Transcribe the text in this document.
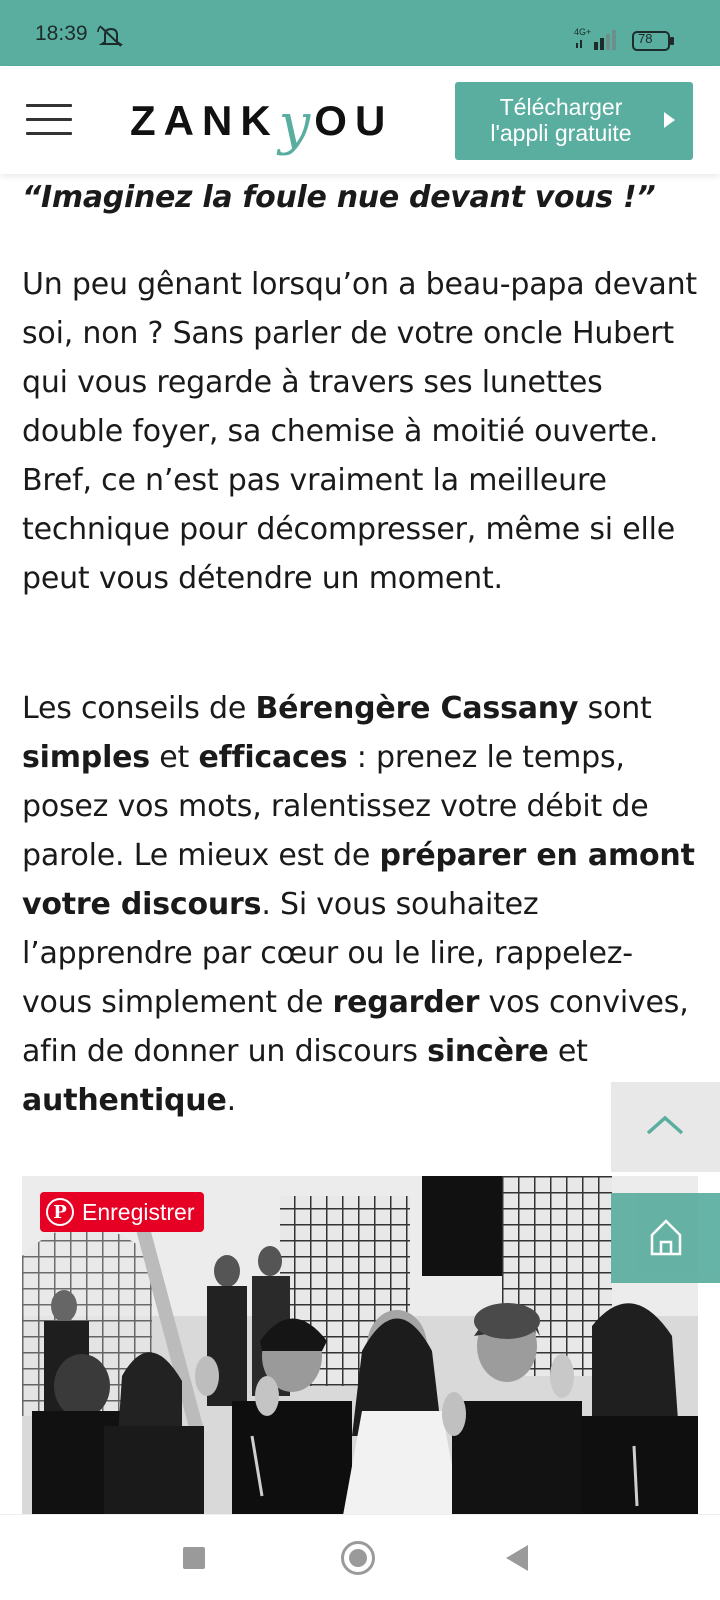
18:39	4G+	78
ZANK y OU	Télécharger
l'appli gratuite

“Imaginez la foule nue devant vous !”

Un peu gênant lorsqu’on a beau-papa devant soi, non ? Sans parler de votre oncle Hubert qui vous regarde à travers ses lunettes double foyer, sa chemise à moitié ouverte. Bref, ce n’est pas vraiment la meilleure technique pour décompresser, même si elle peut vous détendre un moment.

Les conseils de Bérengère Cassany sont simples et efficaces : prenez le temps, posez vos mots, ralentissez votre débit de parole. Le mieux est de préparer en amont votre discours. Si vous souhaitez l’apprendre par cœur ou le lire, rappelez-vous simplement de regarder vos convives, afin de donner un discours sincère et authentique.

P Enregistrer
